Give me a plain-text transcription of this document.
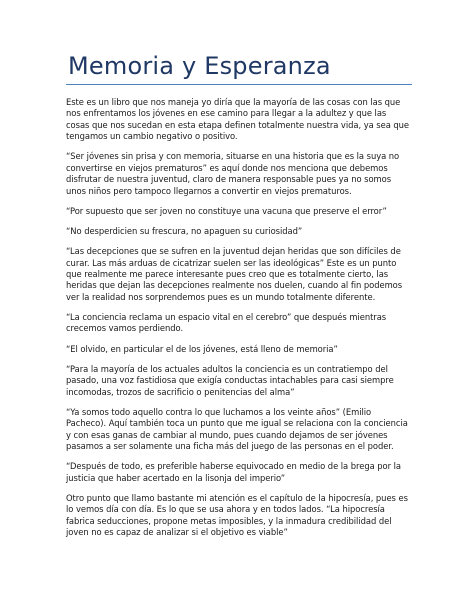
Memoria y Esperanza

Este es un libro que nos maneja yo diría que la mayoría de las cosas con las que nos enfrentamos los jóvenes en ese camino para llegar a la adultez y que las cosas que nos sucedan en esta etapa definen totalmente nuestra vida, ya sea que tengamos un cambio negativo o positivo.

“Ser jóvenes sin prisa y con memoria, situarse en una historia que es la suya no convertirse en viejos prematuros” es aquí donde nos menciona que debemos disfrutar de nuestra juventud, claro de manera responsable pues ya no somos unos niños pero tampoco llegarnos a convertir en viejos prematuros.

“Por supuesto que ser joven no constituye una vacuna que preserve el error”

“No desperdicien su frescura, no apaguen su curiosidad”

“Las decepciones que se sufren en la juventud dejan heridas que son difíciles de curar. Las más arduas de cicatrizar suelen ser las ideológicas” Este es un punto que realmente me parece interesante pues creo que es totalmente cierto, las heridas que dejan las decepciones realmente nos duelen, cuando al fin podemos ver la realidad nos sorprendemos pues es un mundo totalmente diferente.

“La conciencia reclama un espacio vital en el cerebro” que después mientras crecemos vamos perdiendo.

“El olvido, en particular el de los jóvenes, está lleno de memoria”

“Para la mayoría de los actuales adultos la conciencia es un contratiempo del pasado, una voz fastidiosa que exigía conductas intachables para casi siempre incomodas, trozos de sacrificio o penitencias del alma”

“Ya somos todo aquello contra lo que luchamos a los veinte años” (Emilio Pacheco). Aquí también toca un punto que me igual se relaciona con la conciencia y con esas ganas de cambiar al mundo, pues cuando dejamos de ser jóvenes pasamos a ser solamente una ficha más del juego de las personas en el poder.

“Después de todo, es preferible haberse equivocado en medio de la brega por la justicia que haber acertado en la lisonja del imperio”

Otro punto que llamo bastante mi atención es el capítulo de la hipocresía, pues es lo vemos día con día. Es lo que se usa ahora y en todos lados. “La hipocresía fabrica seducciones, propone metas imposibles, y la inmadura credibilidad del joven no es capaz de analizar si el objetivo es viable”
